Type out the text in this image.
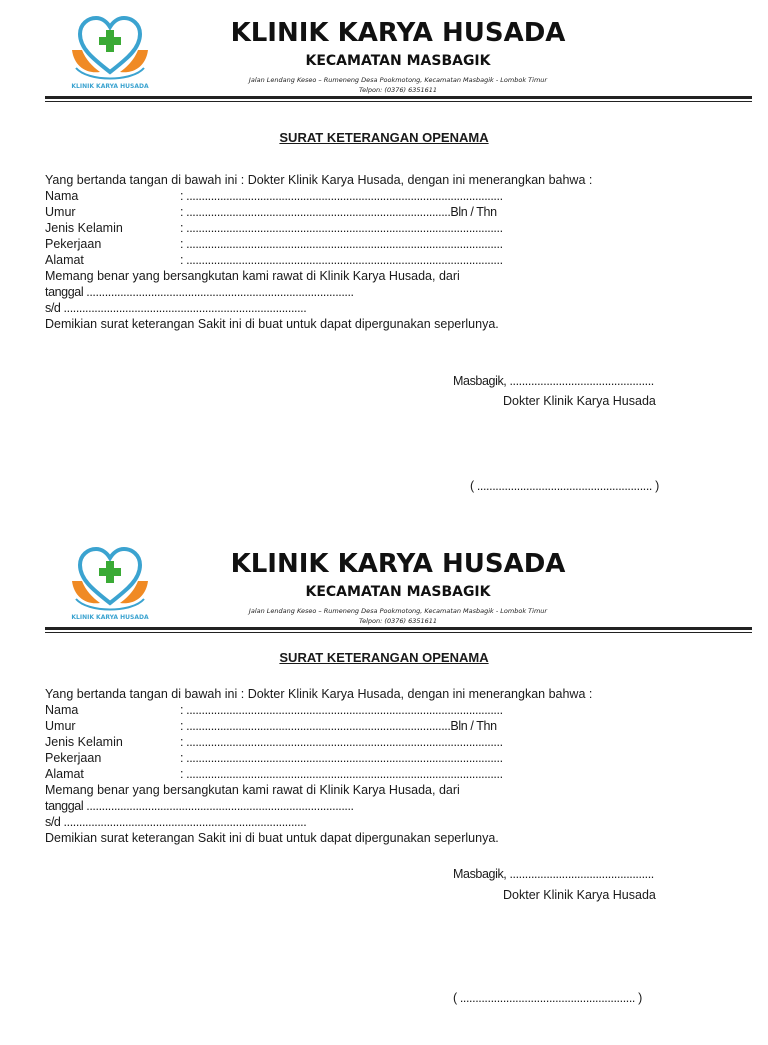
KLINIK KARYA HUSADA
KLINIK KARYA HUSADA
KECAMATAN MASBAGIK
Jalan Lendang Keseo – Rumeneng Desa Pookmotong, Kecamatan Masbagik - Lombok Timur
Telpon: (0376) 6351611
SURAT KETERANGAN OPENAMA
Yang bertanda tangan di bawah ini : Dokter Klinik Karya Husada, dengan ini menerangkan bahwa :
Nama	: .......................................................................................................
Umur	: ......................................................................................Bln / Thn
Jenis Kelamin	: .......................................................................................................
Pekerjaan	: .......................................................................................................
Alamat	: .......................................................................................................
Memang benar yang bersangkutan kami rawat di Klinik Karya Husada, dari
tanggal .......................................................................................
s/d ...............................................................................
Demikian surat keterangan Sakit ini di buat untuk dapat dipergunakan seperlunya.
Masbagik, ...............................................
Dokter Klinik Karya Husada
( ......................................................... )
KLINIK KARYA HUSADA
KLINIK KARYA HUSADA
KECAMATAN MASBAGIK
Jalan Lendang Keseo – Rumeneng Desa Pookmotong, Kecamatan Masbagik - Lombok Timur
Telpon: (0376) 6351611
SURAT KETERANGAN OPENAMA
Yang bertanda tangan di bawah ini : Dokter Klinik Karya Husada, dengan ini menerangkan bahwa :
Nama	: .......................................................................................................
Umur	: ......................................................................................Bln / Thn
Jenis Kelamin	: .......................................................................................................
Pekerjaan	: .......................................................................................................
Alamat	: .......................................................................................................
Memang benar yang bersangkutan kami rawat di Klinik Karya Husada, dari
tanggal .......................................................................................
s/d ...............................................................................
Demikian surat keterangan Sakit ini di buat untuk dapat dipergunakan seperlunya.
Masbagik, ...............................................
Dokter Klinik Karya Husada
( ......................................................... )
